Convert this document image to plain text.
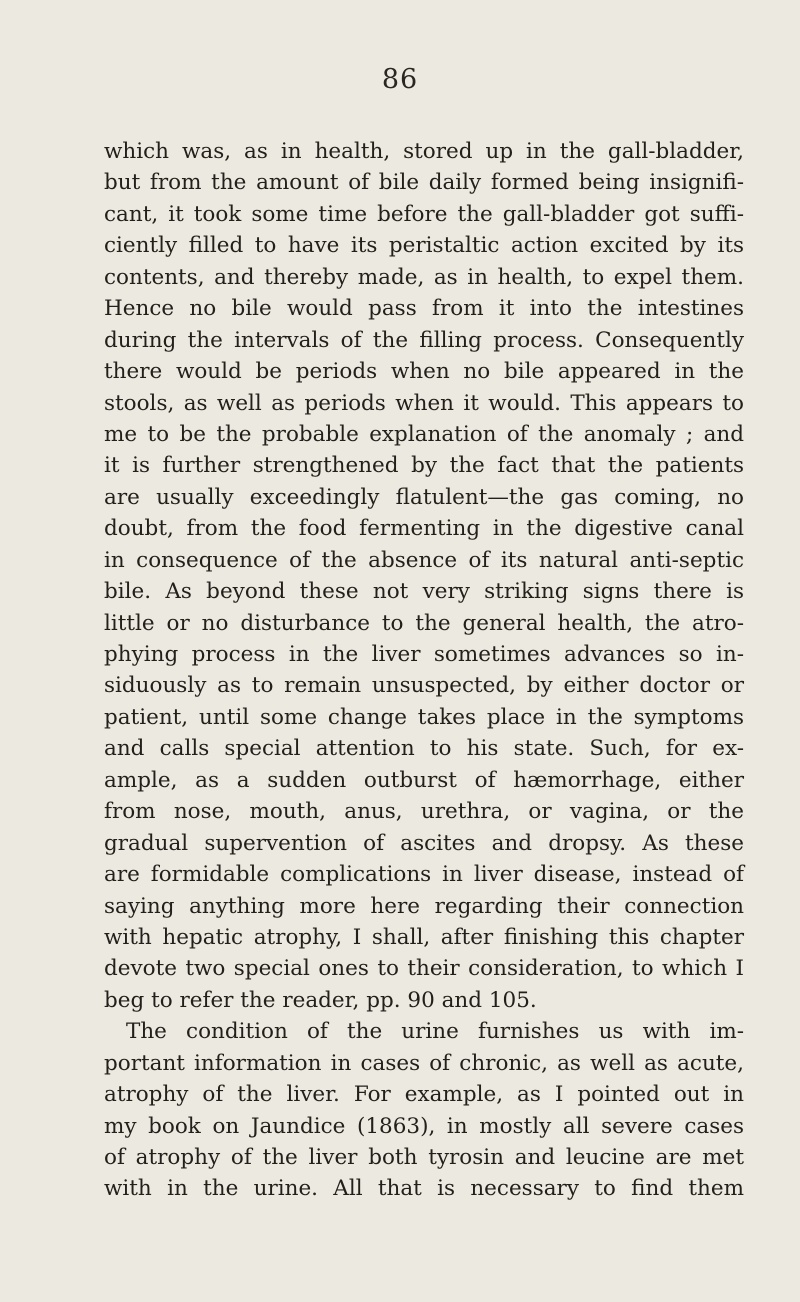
86
which was, as in health, stored up in the gall-bladder,
but from the amount of bile daily formed being insignifi-
cant, it took some time before the gall-bladder got suffi-
ciently filled to have its peristaltic action excited by its
contents, and thereby made, as in health, to expel them.
Hence no bile would pass from it into the intestines
during the intervals of the filling process. Consequently
there would be periods when no bile appeared in the
stools, as well as periods when it would. This appears to
me to be the probable explanation of the anomaly ; and
it is further strengthened by the fact that the patients
are usually exceedingly flatulent—the gas coming, no
doubt, from the food fermenting in the digestive canal
in consequence of the absence of its natural anti-septic
bile. As beyond these not very striking signs there is
little or no disturbance to the general health, the atro-
phying process in the liver sometimes advances so in-
siduously as to remain unsuspected, by either doctor or
patient, until some change takes place in the symptoms
and calls special attention to his state. Such, for ex-
ample, as a sudden outburst of hæmorrhage, either
from nose, mouth, anus, urethra, or vagina, or the
gradual supervention of ascites and dropsy. As these
are formidable complications in liver disease, instead of
saying anything more here regarding their connection
with hepatic atrophy, I shall, after finishing this chapter
devote two special ones to their consideration, to which I
beg to refer the reader, pp. 90 and 105.
The condition of the urine furnishes us with im-
portant information in cases of chronic, as well as acute,
atrophy of the liver. For example, as I pointed out in
my book on Jaundice (1863), in mostly all severe cases
of atrophy of the liver both tyrosin and leucine are met
with in the urine. All that is necessary to find them
